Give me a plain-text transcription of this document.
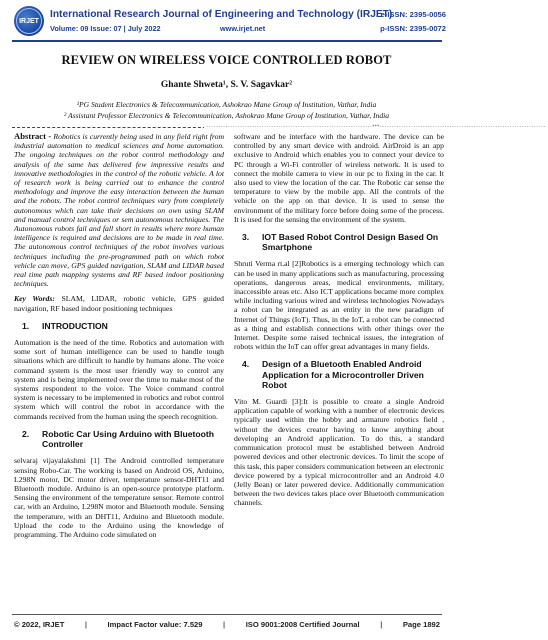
IRJET
International Research Journal of Engineering and Technology (IRJET)
Volume: 09 Issue: 07 | July 2022	www.irjet.net
e-ISSN: 2395-0056
p-ISSN: 2395-0072
REVIEW ON WIRELESS VOICE CONTROLLED ROBOT
Ghante Shweta¹, S. V. Sagavkar²
¹PG Student Electronics & Telecommunication, Ashokrao Mane Group of Institution, Vathar, India
² Assistant Professor Electronics & Telecommunication, Ashokrao Mane Group of Institution, Vathar, India
---------------------------------------------------------------------***---------------------------------------------------------------------

Abstract - Robotics is currently being used in any field right from industrial automation to medical sciences and home automation. The ongoing techniques on the robot control methodology and analysis of the same has delivered few impressive results and innovative methodologies in the control of the robotic vehicle. A lot of research work is being carried out to enhance the control methodology and improve the easy interaction between the human and the robots. The robot control techniques vary from completely autonomous which can take their decisions on own using SLAM and manual control techniques or sem autonomous techniques. The Autonomous robots fail and fall short in results where more human intelligence is required and decisions are to be made in real time. The autonomous control techniques of the robot involves various techniques including the pre-programmed path on which robot vehicle can move, GPS guided navigation, SLAM and LIDAR based real time path mapping systems and RF based indoor positioning techniques.

Key Words: SLAM, LIDAR, robotic vehicle, GPS guided navigation, RF based indoor positioning techniques

1.	INTRODUCTION

Automation is the need of the time. Robotics and automation with some sort of human intelligence can be used to handle tough situations which are difficult to handle by humans alone. The voice command system is the most user friendly way to control any system and is being implemented over the time to make most of the systems respondent to the voice. The Voice command control system is necessary to be implemented in robotics and robot control system which will control the robot in accordance with the commands received from the human using the speech recognition.

2.	Robotic Car Using Arduino with Bluetooth Controller

selvaraj vijayalakshmi [1] The Android controlled temperature sensing Robo-Car. The working is based on Android OS, Arduino, L298N motor, DC motor driver, temperature sensor-DHT11 and Bluetooth module. Arduino is an open-source prototype platform. Sensing the environment of the temperature sensor. Remote control car, with an Arduino, L298N motor and Bluetooth module. Sensing the temperature, with an DHT11, Arduino and Bluetooth module. Upload the code to the Arduino using the knowledge of programming. The Arduino code simulated on

software and be interface with the hardware. The device can be controlled by any smart device with android. AirDroid is an app exclusive to Android which enables you to connect your device to PC through a Wi-Fi controller of wireless network. It is used to connect the mobile camera to view in our pc to fixing in the car. It also used to view the location of the car. The Robotic car sense the temperature to view by the mobile app. All the controls of the vehicle on the app on that device. It is used to sense the environment of the military force before doing some of the process. It is used for the sensing the environment of the system.

3.	IOT Based Robot Control Design Based On Smartphone

Shruti Verma rt.al [2]Robotics is a emerging technology which can can be used in many applications such as manufacturing, processing operations, dangerous areas, medical environments, military, inaccessible areas etc. Also ICT applications became more complex while including various wired and wireless technologies Nowadays a robot can be integrated as an entity in the new paradigm of Internet of Things (IoT). Thus, in the IoT, a robot can be connected as a thing and establish connections with other things over the Internet. Despite some raised technical issues, the integration of robots within the IoT can offer great advantages in many fields.

4.	Design of a Bluetooth Enabled Android Application for a Microcontroller Driven Robot

Vito M. Guardi [3]:It is possible to create a single Android application capable of working with a number of electronic devices typically used within the hobby and armature robotics field , without the devices creator having to know anything about developing an Android application. To do this, a standard communication protocol must be established between Android powered devices and other electronic devices. To limit the scope of this task, this paper considers communication between an electronic device powered by a typical microcontroller and an Android 4.0 (Jelly Bean) or later powered device. Additionally communication between the two devices takes place over Bluetooth communication channels.

© 2022, IRJET	|	Impact Factor value: 7.529	|	ISO 9001:2008 Certified Journal	|	Page 1892
